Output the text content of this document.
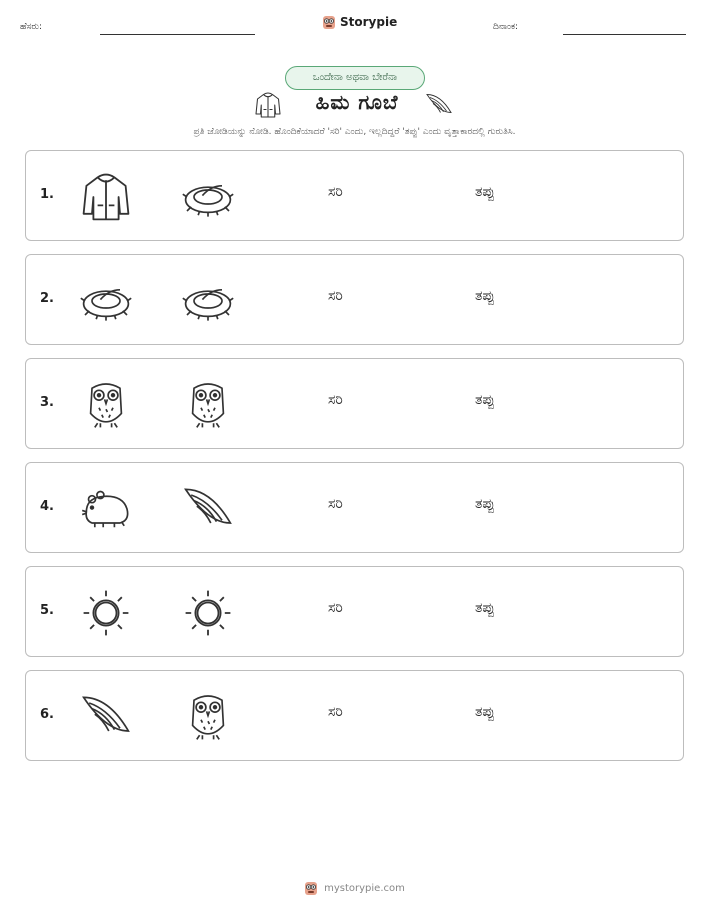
ಹೆಸರು:	Storypie	ದಿನಾಂಕ:
ಒಂದೇನಾ ಅಥವಾ ಬೇರೆನಾ
ಹಿಮ ಗೂಬೆ
ಪ್ರತಿ ಜೋಡಿಯನ್ನು ನೋಡಿ. ಹೊಂದಿಕೆಯಾದರೆ 'ಸರಿ' ಎಂದು, ಇಲ್ಲದಿದ್ದರೆ 'ತಪ್ಪು' ಎಂದು ವೃತ್ತಾಕಾರದಲ್ಲಿ ಗುರುತಿಸಿ.
1.	ಸರಿ	ತಪ್ಪು
2.	ಸರಿ	ತಪ್ಪು
3.	ಸರಿ	ತಪ್ಪು
4.	ಸರಿ	ತಪ್ಪು
5.	ಸರಿ	ತಪ್ಪು
6.	ಸರಿ	ತಪ್ಪು
mystorypie.com
